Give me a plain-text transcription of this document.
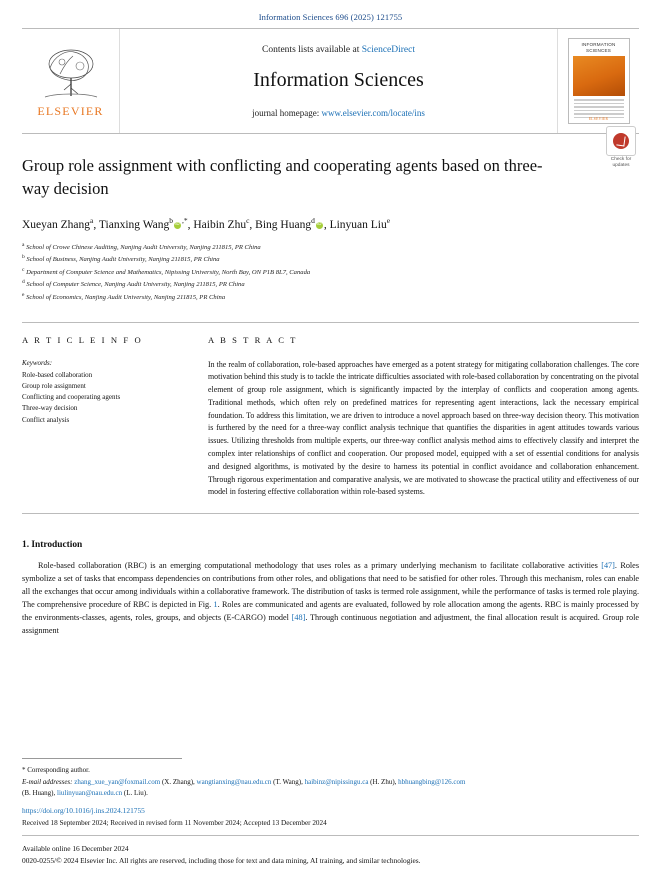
Information Sciences 696 (2025) 121755
ELSEVIER
Contents lists available at ScienceDirect
Information Sciences
journal homepage: www.elsevier.com/locate/ins
INFORMATION SCIENCES
ELSEVIER
Check for updates
Group role assignment with conflicting and cooperating agents based on three-way decision
Xueyan Zhang$^a$, Tianxing Wang$^b$iD ,*, Haibin Zhu$^c$, Bing Huang$^d$ iD , Linyuan Liu$^e$
$^a$ School of Crowe Chinese Auditing, Nanjing Audit University, Nanjing 211815, PR China
$^b$ School of Business, Nanjing Audit University, Nanjing 211815, PR China
$^c$ Department of Computer Science and Mathematics, Nipissing University, North Bay, ON P1B 8L7, Canada
$^d$ School of Computer Science, Nanjing Audit University, Nanjing 211815, PR China
$^e$ School of Economics, Nanjing Audit University, Nanjing 211815, PR China
A R T I C L E I N F O
Keywords:
Role-based collaboration
Group role assignment
Conflicting and cooperating agents
Three-way decision
Conflict analysis
A B S T R A C T

In the realm of collaboration, role-based approaches have emerged as a potent strategy for mitigating collaboration challenges. The core motivation behind this study is to tackle the intricate difficulties associated with role-based collaboration by concentrating on the pivotal element of group role assignment, which is significantly impacted by the interplay of conflicts and cooperation among agents. Traditional methods, which often rely on predefined matrices for representing agent interactions, lack the necessary empirical foundation. To address this limitation, we are driven to introduce a novel approach based on three-way decision theory. This motivation is furthered by the need for a three-way conflict analysis technique that quantifies the disparities in agent attitudes towards various issues. Utilizing thresholds from multiple experts, our three-way conflict analysis method aims to effectively classify and interpret the complex inter relationships of conflict and cooperation. Our proposed model, equipped with a set of essential conditions for analysis and designed algorithms, is motivated by the desire to harness its potential in conflict avoidance and collaboration enhancement. Through rigorous experimentation and comparative analysis, we are motivated to showcase the practical utility and effectiveness of our model in fostering effective collaboration within role-based systems.

1. Introduction

Role-based collaboration (RBC) is an emerging computational methodology that uses roles as a primary underlying mechanism to facilitate collaborative activities [47]. Roles symbolize a set of tasks that encompass dependencies on contributions from other roles, and obligations that need to be satisfied for other roles. Through this mechanism, roles can enable all the exchanges that occur among individuals within a collaborative framework. The distribution of tasks is termed role assignment, while the performance of tasks is termed role playing. The comprehensive procedure of RBC is depicted in Fig. 1. Roles are communicated and agents are evaluated, followed by role allocation among the agents. RBC is mainly processed by the environments-classes, agents, roles, groups, and objects (E-CARGO) model [48]. Through continuous negotiation and adjustment, the final allocation result is acquired. Group role assignment

* Corresponding author.
E-mail addresses: zhang_xue_yan@foxmail.com (X. Zhang), wangtianxing@nau.edu.cn (T. Wang), haibinz@nipissingu.ca (H. Zhu), hbhuangbing@126.com
(B. Huang), liulinyuan@nau.edu.cn (L. Liu).
https://doi.org/10.1016/j.ins.2024.121755
Received 18 September 2024; Received in revised form 11 November 2024; Accepted 13 December 2024
Available online 16 December 2024
0020-0255/© 2024 Elsevier Inc. All rights are reserved, including those for text and data mining, AI training, and similar technologies.
